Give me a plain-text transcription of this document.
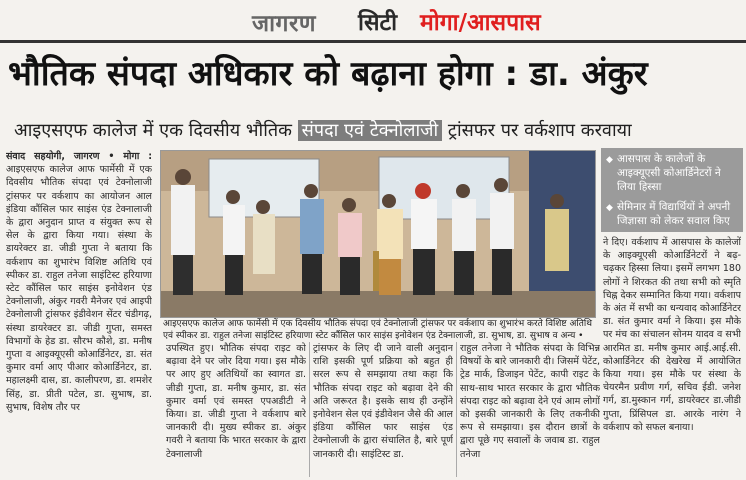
जागरण सिटी मोगा/आसपास
भौतिक संपदा अधिकार को बढ़ाना होगा : डा. अंकुर
आइएसएफ कालेज में एक दिवसीय भौतिक संपदा एवं टेक्नोलाजी ट्रांसफर पर वर्कशाप करवाया
संवाद सहयोगी, जागरण • मोगा : आइएसएफ कालेज आफ फार्मेसी में एक दिवसीय भौतिक संपदा एवं टेक्नोलाजी ट्रांसफर पर वर्कशाप का आयोजन आल इंडिया कौंसिल फार साइंस एंड टेक्नालाजी के द्वारा अनुदान प्राप्त व संयुक्त रूप से सेल के द्वारा किया गया। संस्था के डायरेक्टर डा. जीडी गुप्ता ने बताया कि वर्कशाप का शुभारंभ विशिष्ट अतिथि एवं स्पीकर डा. राहुल तनेजा साइंटिस्ट हरियाणा स्टेट कौंसिल फार साइंस इनोवेशन एंड टेक्नोलाजी, अंकुर गवरी मैनेजर एवं आइपी टेक्नोलाजी ट्रांसफर इंडीवेशन सेंटर चंडीगढ़, संस्था डायरेक्टर डा. जीडी गुप्ता, समस्त विभागों के हेड डा. सौरभ कौशे, डा. मनीष गुप्ता व आइक्यूएसी कोआर्डिनेटर, डा. संत कुमार वर्मा आए पीआर कोआर्डिनेटर, डा. महालक्ष्मी दास, डा. कालीपरण, डा. शमशेर सिंह, डा. प्रीती पटेल, डा. सुभाष, डा. सुभाष, विशेष तौर पर
आइएसएफ कालेज आफ फार्मेसी में एक दिवसीय भौतिक संपदा एवं टेक्नोलाजी ट्रांसफर पर वर्कशाप का शुभारंभ करते विशिष्ट अतिथि एवं स्पीकर डा. राहुल तनेजा साइंटिस्ट हरियाणा स्टेट कौंसिल फार साइंस इनोवेशन एंड टेक्नालाजी, डा. सुभाष, डा. सुभाष व अन्य •
◆ आसपास के कालेजों के आइक्यूएसी कोआर्डिनेटरों ने लिया हिस्सा
◆ सेमिनार में विद्यार्थियों ने अपनी जिज्ञासा को लेकर सवाल किए
उपस्थित हुए। भौतिक संपदा राइट को बढ़ावा देने पर जोर दिया गया। इस मौके पर आए हुए अतिथियों का स्वागत डा. जीडी गुप्ता, डा. मनीष कुमार, डा. संत कुमार वर्मा एवं समस्त एपअडीटी ने किया। डा. जीडी गुप्ता ने वर्कशाप बारे जानकारी दी। मुख्य स्पीकर डा. अंकुर गवरी ने बताया कि भारत सरकार के द्वारा टेक्नालाजी
ट्रांसफर के लिए दी जाने वाली अनुदान राशि इसकी पूर्ण प्रक्रिया को बहुत ही सरल रूप से समझाया तथा कहा कि भौतिक संपदा राइट को बढ़ावा देने की अति जरूरत है। इसके साथ ही उन्होंने इनोवेशन सेल एवं इंडीवेशन जैसे की आल इंडिया कौंसिल फार साइंस एंड टेक्नोलाजी के द्वारा संचालित है, बारे पूर्ण जानकारी दी। साइंटिस्ट डा.
राहुल तनेजा ने भौतिक संपदा के विभिन्न विषयों के बारे जानकारी दी। जिसमें पेटेंट, ट्रेड मार्क, डिजाइन पेटेंट, कापी राइट के साथ-साथ भारत सरकार के द्वारा भौतिक संपदा राइट को बढ़ावा देने एवं आम लोगों को इसकी जानकारी के लिए तकनीकी रूप से समझाया। इस दौरान छात्रों के द्वारा पूछे गए सवालों के जवाब डा. राहुल तनेजा
ने दिए। वर्कशाप में आसपास के कालेजों के आइक्यूएसी कोआर्डिनेटरों ने बढ़-चढ़कर हिस्सा लिया। इसमें लगभग 180 लोगों ने शिरकत की तथा सभी को स्मृति चिह्न देकर सम्मानित किया गया। वर्कशाप के अंत में सभी का धन्यवाद कोआर्डिनेटर डा. संत कुमार वर्मा ने किया। इस मौके पर मंच का संचालन सोनम यादव व सभी आरमित डा. मनीष कुमार आई.आई.सी. कोआर्डिनेटर की देखरेख में आयोजित किया गया। इस मौके पर संस्था के चेयरमैन प्रवीण गर्ग, सचिव ईडी. जनेश गर्ग, डा.मुस्कान गर्ग, डायरेक्टर डा.जीडी गुप्ता, प्रिंसिपल डा. आरके नारंग ने वर्कशाप को सफल बनाया।
